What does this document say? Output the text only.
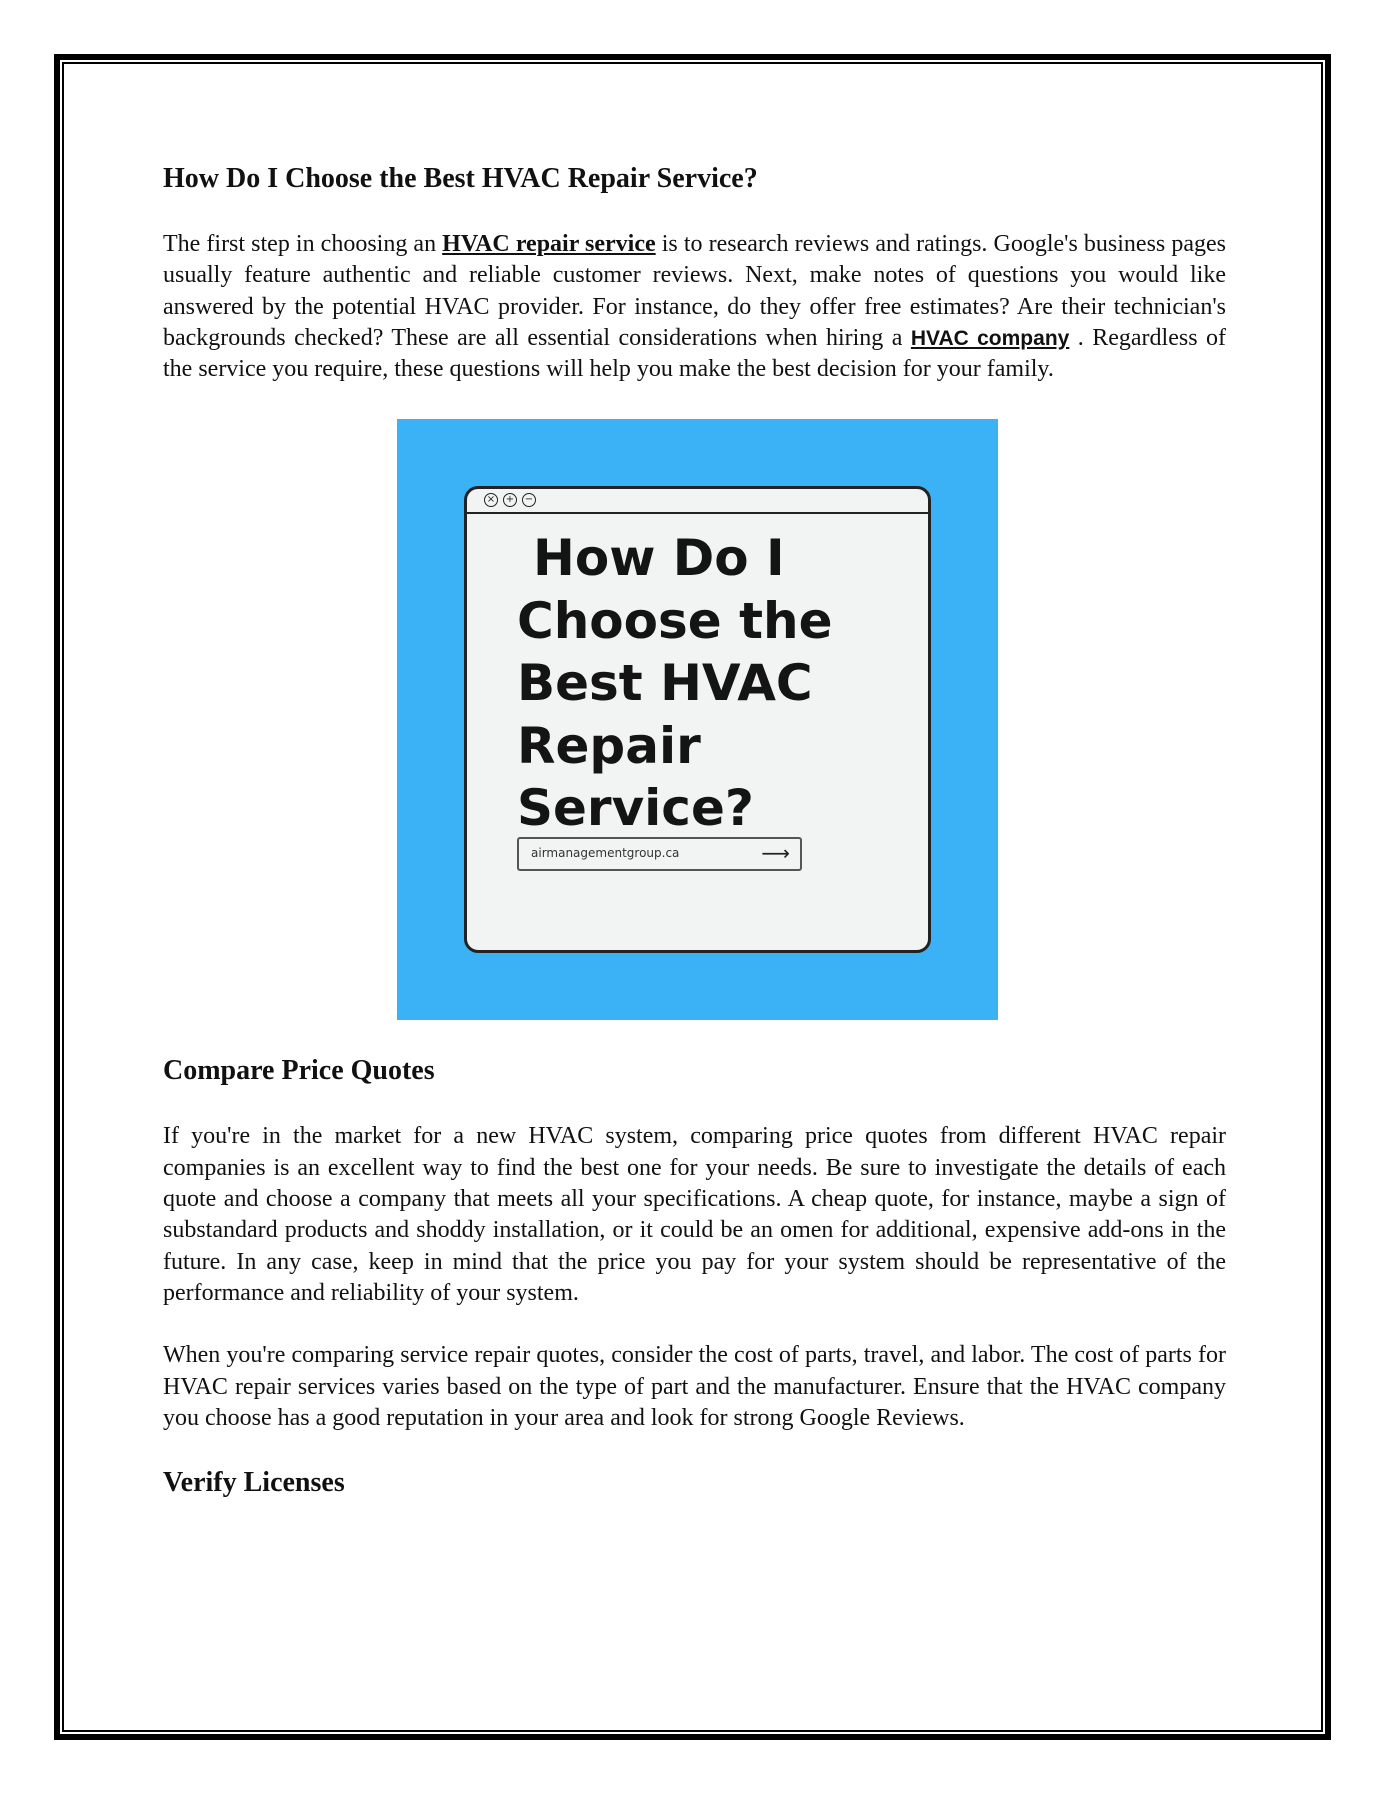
How Do I Choose the Best HVAC Repair Service?

The first step in choosing an HVAC repair service is to research reviews and ratings. Google's business pages usually feature authentic and reliable customer reviews. Next, make notes of questions you would like answered by the potential HVAC provider. For instance, do they offer free estimates? Are their technician's backgrounds checked? These are all essential considerations when hiring a HVAC company . Regardless of the service you require, these questions will help you make the best decision for your family.

× + −
How Do I
Choose the
Best HVAC
Repair
Service?
airmanagementgroup.ca	⟶
Compare Price Quotes

If you're in the market for a new HVAC system, comparing price quotes from different HVAC repair companies is an excellent way to find the best one for your needs. Be sure to investigate the details of each quote and choose a company that meets all your specifications. A cheap quote, for instance, maybe a sign of substandard products and shoddy installation, or it could be an omen for additional, expensive add-ons in the future. In any case, keep in mind that the price you pay for your system should be representative of the performance and reliability of your system.

When you're comparing service repair quotes, consider the cost of parts, travel, and labor. The cost of parts for HVAC repair services varies based on the type of part and the manufacturer. Ensure that the HVAC company you choose has a good reputation in your area and look for strong Google Reviews.

Verify Licenses
